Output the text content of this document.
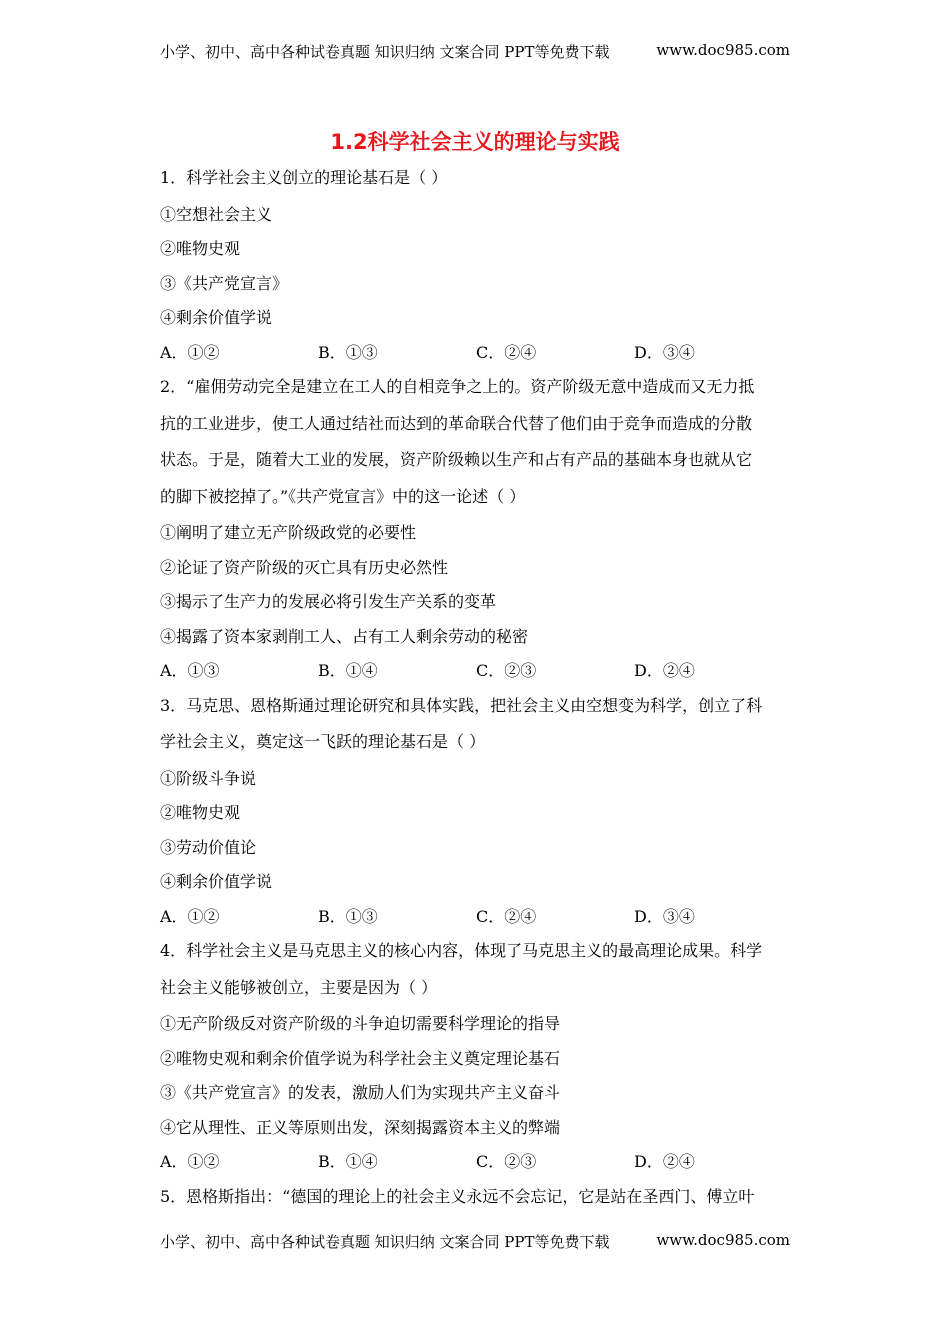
小学、初中、高中各种试卷真题 知识归纳 文案合同 PPT等免费下载	www.doc985.com
1.2科学社会主义的理论与实践
1．科学社会主义创立的理论基石是（ ）
①空想社会主义
②唯物史观
③《共产党宣言》
④剩余价值学说
A．①②	B．①③	C．②④	D．③④
2．“雇佣劳动完全是建立在工人的自相竞争之上的。资产阶级无意中造成而又无力抵
抗的工业进步，使工人通过结社而达到的革命联合代替了他们由于竞争而造成的分散
状态。于是，随着大工业的发展，资产阶级赖以生产和占有产品的基础本身也就从它
的脚下被挖掉了。”《共产党宣言》中的这一论述（ ）
①阐明了建立无产阶级政党的必要性
②论证了资产阶级的灭亡具有历史必然性
③揭示了生产力的发展必将引发生产关系的变革
④揭露了资本家剥削工人、占有工人剩余劳动的秘密
A．①③	B．①④	C．②③	D．②④
3．马克思、恩格斯通过理论研究和具体实践，把社会主义由空想变为科学，创立了科
学社会主义，奠定这一飞跃的理论基石是（ ）
①阶级斗争说
②唯物史观
③劳动价值论
④剩余价值学说
A．①②	B．①③	C．②④	D．③④
4．科学社会主义是马克思主义的核心内容，体现了马克思主义的最高理论成果。科学
社会主义能够被创立，主要是因为（ ）
①无产阶级反对资产阶级的斗争迫切需要科学理论的指导
②唯物史观和剩余价值学说为科学社会主义奠定理论基石
③《共产党宣言》的发表，激励人们为实现共产主义奋斗
④它从理性、正义等原则出发，深刻揭露资本主义的弊端
A．①②	B．①④	C．②③	D．②④
5．恩格斯指出：“德国的理论上的社会主义永远不会忘记，它是站在圣西门、傅立叶
小学、初中、高中各种试卷真题 知识归纳 文案合同 PPT等免费下载	www.doc985.com
